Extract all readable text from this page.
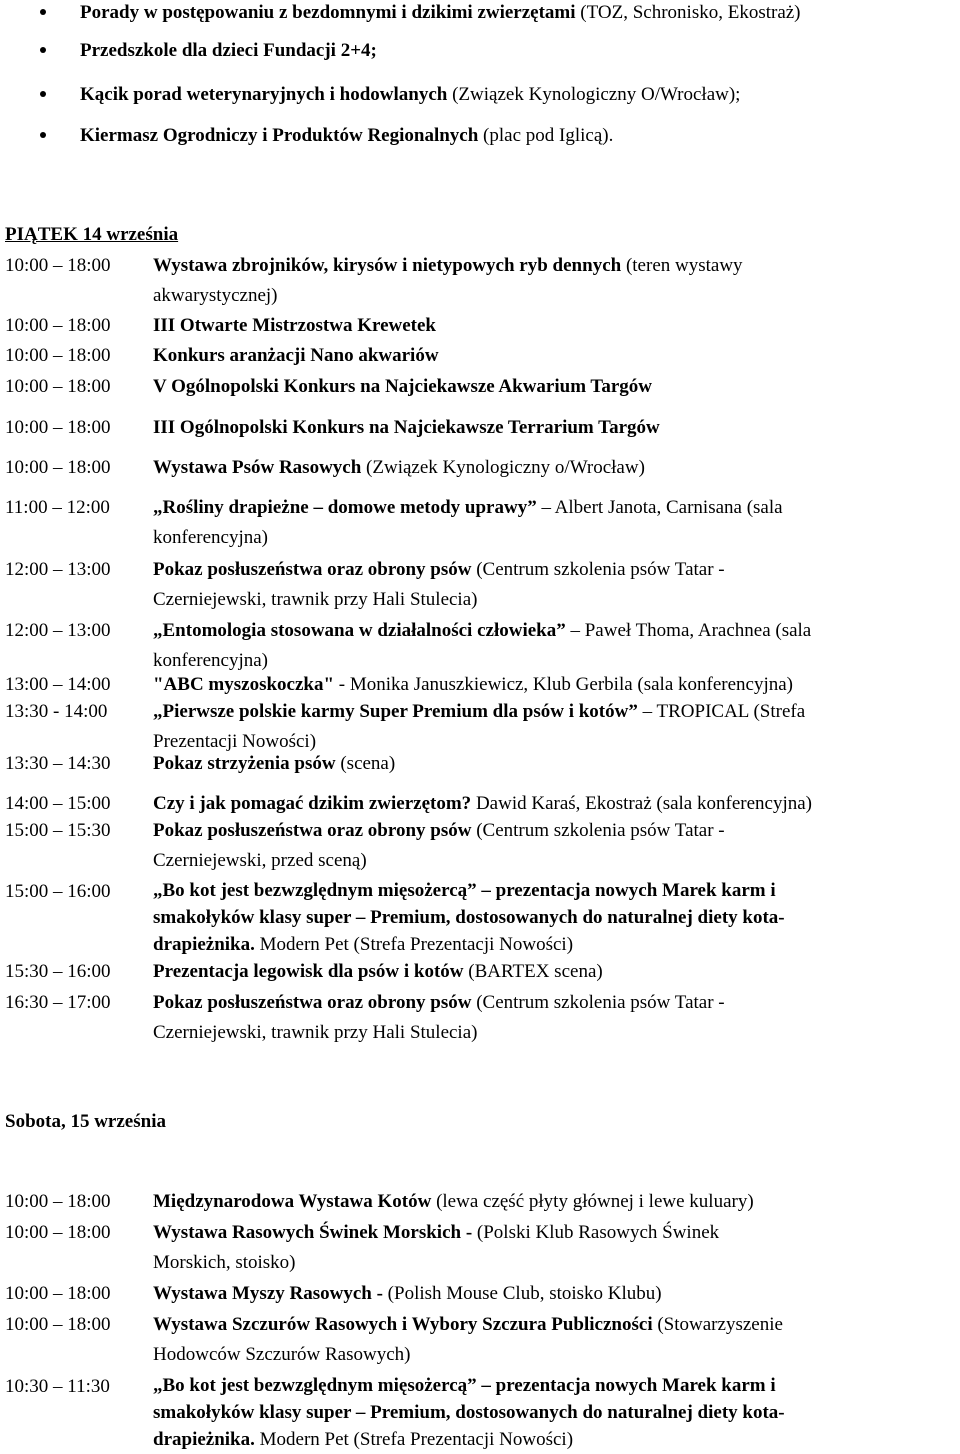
Porady w postępowaniu z bezdomnymi i dzikimi zwierzętami (TOZ, Schronisko, Ekostraż)
Przedszkole dla dzieci Fundacji 2+4;
Kącik porad weterynaryjnych i hodowlanych (Związek Kynologiczny O/Wrocław);
Kiermasz Ogrodniczy i Produktów Regionalnych (plac pod Iglicą).
PIĄTEK 14 września
10:00 – 18:00 Wystawa zbrojników, kirysów i nietypowych ryb dennych (teren wystawy
akwarystycznej)
10:00 – 18:00 III Otwarte Mistrzostwa Krewetek
10:00 – 18:00 Konkurs aranżacji Nano akwariów
10:00 – 18:00 V Ogólnopolski Konkurs na Najciekawsze Akwarium Targów
10:00 – 18:00 III Ogólnopolski Konkurs na Najciekawsze Terrarium Targów
10:00 – 18:00 Wystawa Psów Rasowych (Związek Kynologiczny o/Wrocław)
11:00 – 12:00 „Rośliny drapieżne – domowe metody uprawy” – Albert Janota, Carnisana (sala
konferencyjna)
12:00 – 13:00 Pokaz posłuszeństwa oraz obrony psów (Centrum szkolenia psów Tatar -
Czerniejewski, trawnik przy Hali Stulecia)
12:00 – 13:00 „Entomologia stosowana w działalności człowieka” – Paweł Thoma, Arachnea (sala
konferencyjna)
13:00 – 14:00 "ABC myszoskoczka" - Monika Januszkiewicz, Klub Gerbila (sala konferencyjna)
13:30 - 14:00 „Pierwsze polskie karmy Super Premium dla psów i kotów” – TROPICAL (Strefa
Prezentacji Nowości)
13:30 – 14:30 Pokaz strzyżenia psów (scena)
14:00 – 15:00 Czy i jak pomagać dzikim zwierzętom? Dawid Karaś, Ekostraż (sala konferencyjna)
15:00 – 15:30 Pokaz posłuszeństwa oraz obrony psów (Centrum szkolenia psów Tatar -
Czerniejewski, przed sceną)
15:00 – 16:00 „Bo kot jest bezwzględnym mięsożercą” – prezentacja nowych Marek karm i
smakołyków klasy super – Premium, dostosowanych do naturalnej diety kota-
drapieżnika. Modern Pet (Strefa Prezentacji Nowości)
15:30 – 16:00 Prezentacja legowisk dla psów i kotów (BARTEX scena)
16:30 – 17:00 Pokaz posłuszeństwa oraz obrony psów (Centrum szkolenia psów Tatar -
Czerniejewski, trawnik przy Hali Stulecia)
Sobota, 15 września
10:00 – 18:00 Międzynarodowa Wystawa Kotów (lewa część płyty głównej i lewe kuluary)
10:00 – 18:00 Wystawa Rasowych Świnek Morskich - (Polski Klub Rasowych Świnek
Morskich, stoisko)
10:00 – 18:00 Wystawa Myszy Rasowych - (Polish Mouse Club, stoisko Klubu)
10:00 – 18:00 Wystawa Szczurów Rasowych i Wybory Szczura Publiczności (Stowarzyszenie
Hodowców Szczurów Rasowych)
10:30 – 11:30 „Bo kot jest bezwzględnym mięsożercą” – prezentacja nowych Marek karm i
smakołyków klasy super – Premium, dostosowanych do naturalnej diety kota-
drapieżnika. Modern Pet (Strefa Prezentacji Nowości)
